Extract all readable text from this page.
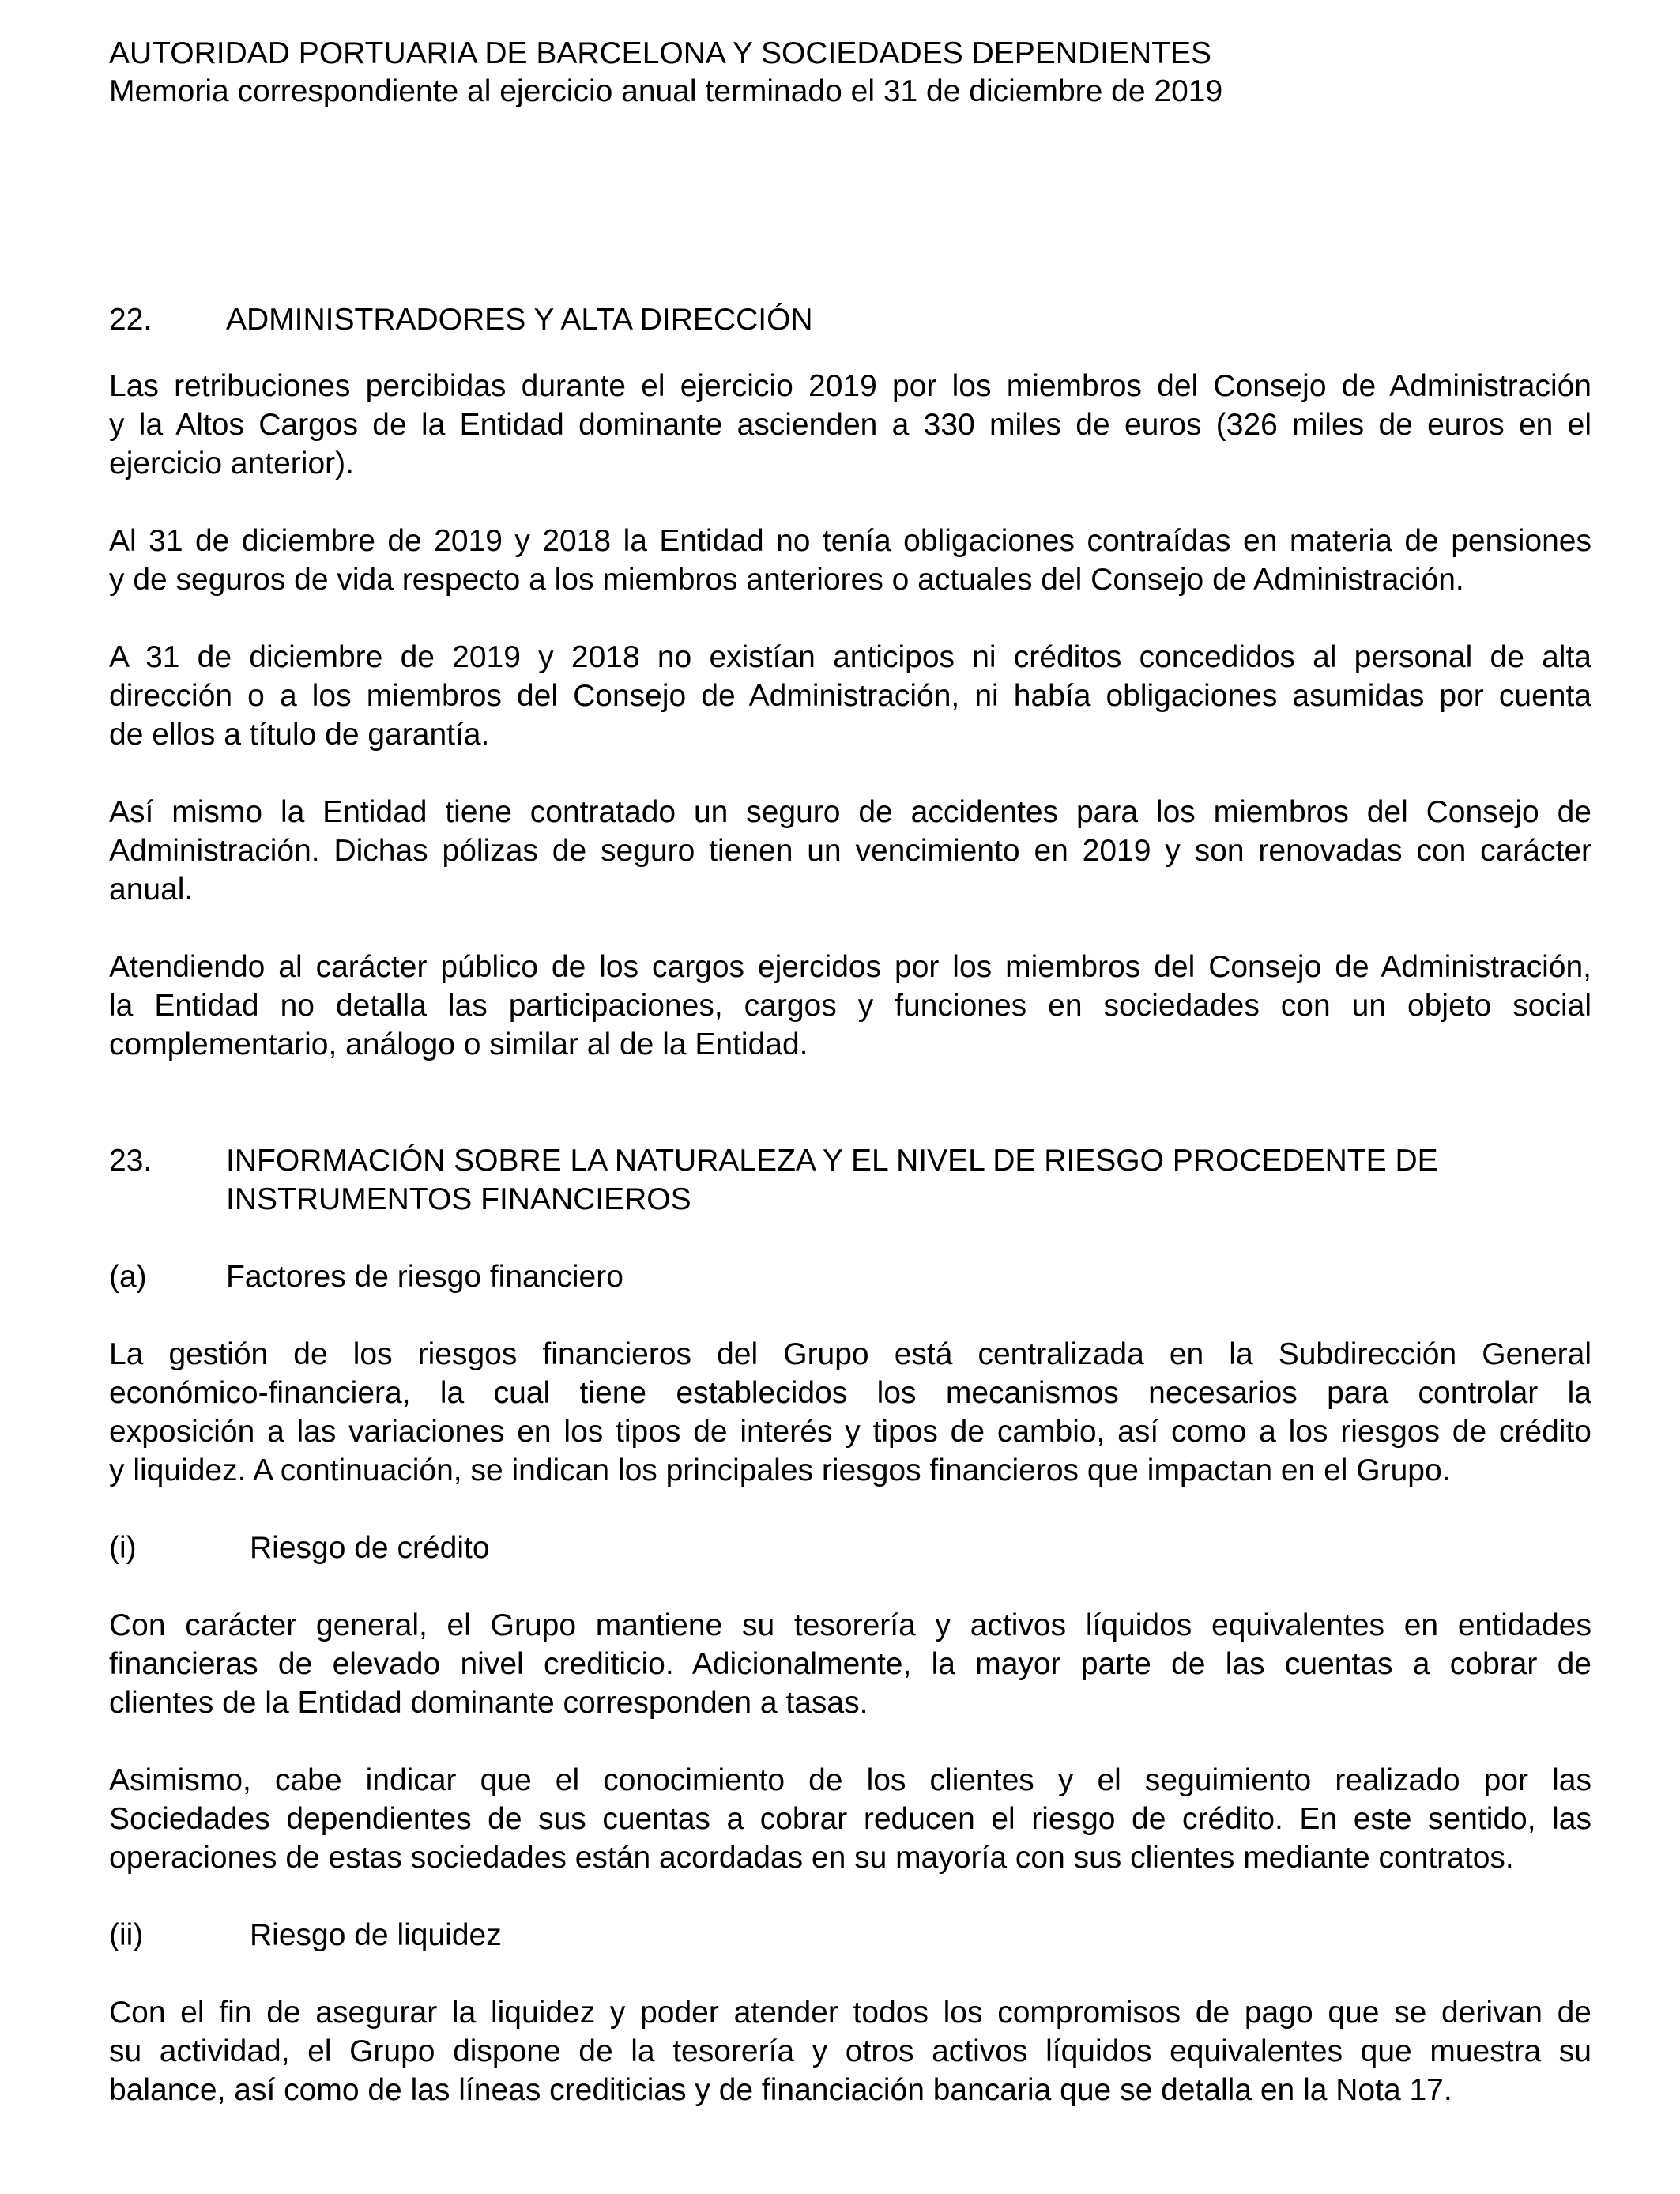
AUTORIDAD PORTUARIA DE BARCELONA Y SOCIEDADES DEPENDIENTES
Memoria correspondiente al ejercicio anual terminado el 31 de diciembre de 2019
22.	ADMINISTRADORES Y ALTA DIRECCIÓN

Las retribuciones percibidas durante el ejercicio 2019 por los miembros del Consejo de Administración
y la Altos Cargos de la Entidad dominante ascienden a 330 miles de euros (326 miles de euros en el
ejercicio anterior).

Al 31 de diciembre de 2019 y 2018 la Entidad no tenía obligaciones contraídas en materia de pensiones
y de seguros de vida respecto a los miembros anteriores o actuales del Consejo de Administración.

A 31 de diciembre de 2019 y 2018 no existían anticipos ni créditos concedidos al personal de alta
dirección o a los miembros del Consejo de Administración, ni había obligaciones asumidas por cuenta
de ellos a título de garantía.

Así mismo la Entidad tiene contratado un seguro de accidentes para los miembros del Consejo de
Administración. Dichas pólizas de seguro tienen un vencimiento en 2019 y son renovadas con carácter
anual.

Atendiendo al carácter público de los cargos ejercidos por los miembros del Consejo de Administración,
la Entidad no detalla las participaciones, cargos y funciones en sociedades con un objeto social
complementario, análogo o similar al de la Entidad.

23.	INFORMACIÓN SOBRE LA NATURALEZA Y EL NIVEL DE RIESGO PROCEDENTE DE
INSTRUMENTOS FINANCIEROS
(a)	Factores de riesgo financiero

La gestión de los riesgos financieros del Grupo está centralizada en la Subdirección General
económico-financiera, la cual tiene establecidos los mecanismos necesarios para controlar la
exposición a las variaciones en los tipos de interés y tipos de cambio, así como a los riesgos de crédito
y liquidez. A continuación, se indican los principales riesgos financieros que impactan en el Grupo.

(i)	Riesgo de crédito

Con carácter general, el Grupo mantiene su tesorería y activos líquidos equivalentes en entidades
financieras de elevado nivel crediticio. Adicionalmente, la mayor parte de las cuentas a cobrar de
clientes de la Entidad dominante corresponden a tasas.

Asimismo, cabe indicar que el conocimiento de los clientes y el seguimiento realizado por las
Sociedades dependientes de sus cuentas a cobrar reducen el riesgo de crédito. En este sentido, las
operaciones de estas sociedades están acordadas en su mayoría con sus clientes mediante contratos.

(ii)	Riesgo de liquidez

Con el fin de asegurar la liquidez y poder atender todos los compromisos de pago que se derivan de
su actividad, el Grupo dispone de la tesorería y otros activos líquidos equivalentes que muestra su
balance, así como de las líneas crediticias y de financiación bancaria que se detalla en la Nota 17.
